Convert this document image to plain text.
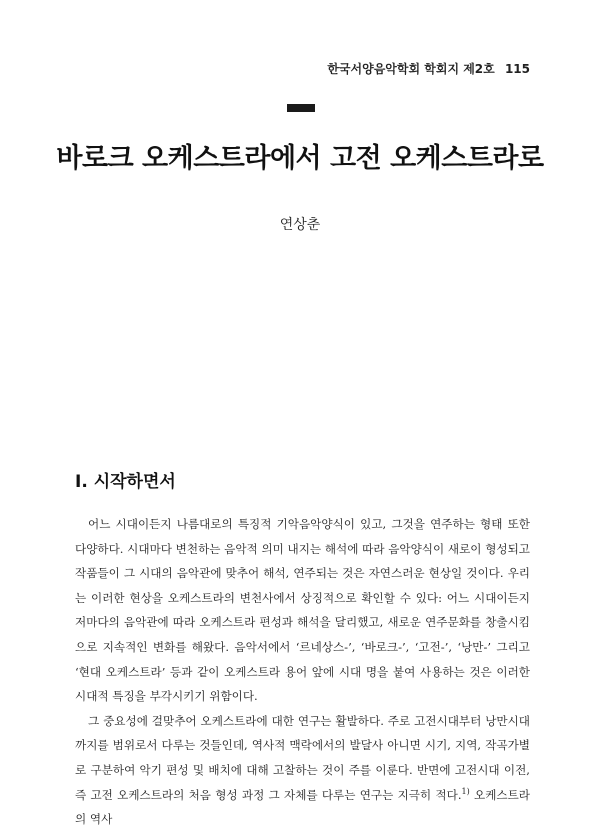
한국서양음악학회 학회지 제2호 115
바로크 오케스트라에서 고전 오케스트라로
연상춘
I. 시작하면서

어느 시대이든지 나름대로의 특징적 기악음악양식이 있고, 그것을 연주하는 형태 또한 다양하다. 시대마다 변천하는 음악적 의미 내지는 해석에 따라 음악양식이 새로이 형성되고 작품들이 그 시대의 음악관에 맞추어 해석, 연주되는 것은 자연스러운 현상일 것이다. 우리는 이러한 현상을 오케스트라의 변천사에서 상징적으로 확인할 수 있다: 어느 시대이든지 저마다의 음악관에 따라 오케스트라 편성과 해석을 달리했고, 새로운 연주문화를 창출시킴으로 지속적인 변화를 해왔다. 음악서에서 ‘르네상스-’, ‘바로크-’, ‘고전-’, ‘낭만-’ 그리고 ‘현대 오케스트라’ 등과 같이 오케스트라 용어 앞에 시대 명을 붙여 사용하는 것은 이러한 시대적 특징을 부각시키기 위함이다.

그 중요성에 걸맞추어 오케스트라에 대한 연구는 활발하다. 주로 고전시대부터 낭만시대까지를 범위로서 다루는 것들인데, 역사적 맥락에서의 발달사 아니면 시기, 지역, 작곡가별로 구분하여 악기 편성 및 배치에 대해 고찰하는 것이 주를 이룬다. 반면에 고전시대 이전, 즉 고전 오케스트라의 처음 형성 과정 그 자체를 다루는 연구는 지극히 적다.$^{1)}$ 오케스트라의 역사
